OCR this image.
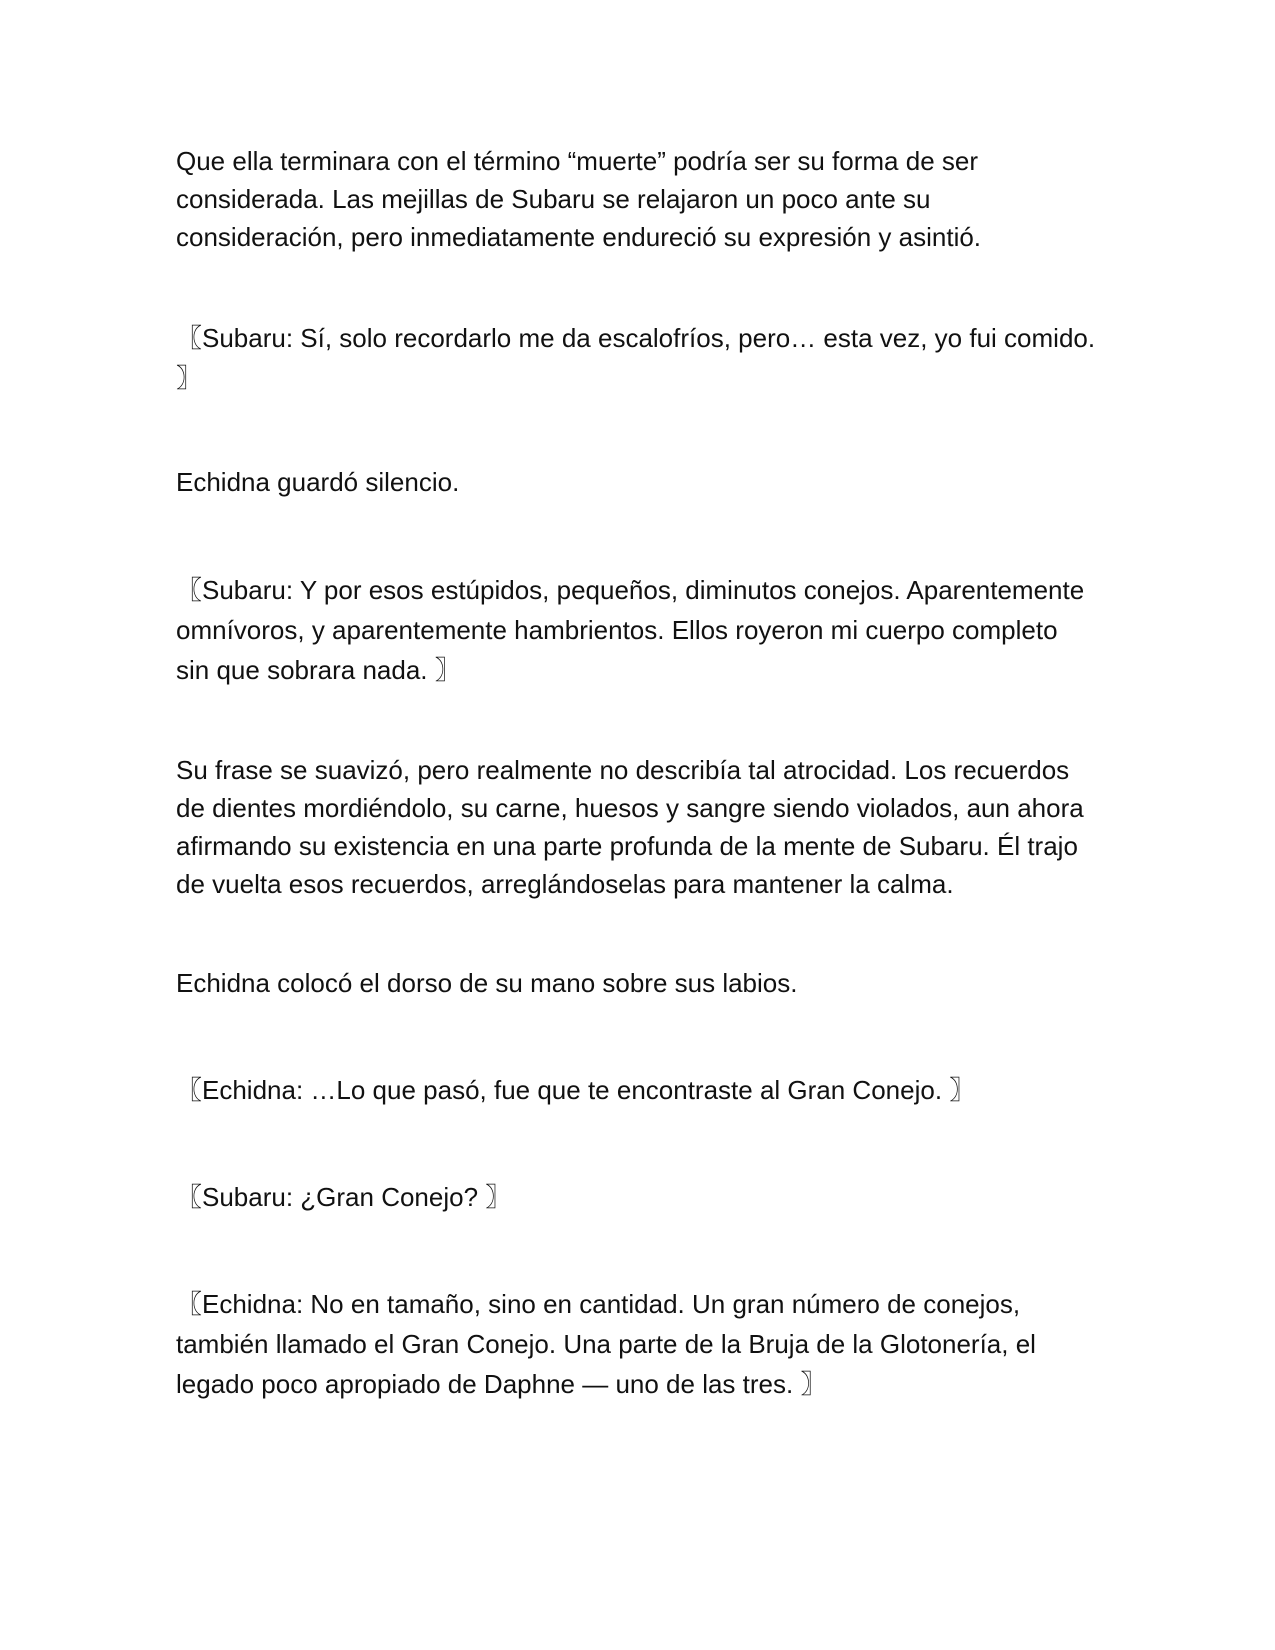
Que ella terminara con el término “muerte” podría ser su forma de ser considerada. Las mejillas de Subaru se relajaron un poco ante su consideración, pero inmediatamente endureció su expresión y asintió.

〖Subaru: Sí, solo recordarlo me da escalofríos, pero… esta vez, yo fui comido. 〗

Echidna guardó silencio.

〖Subaru: Y por esos estúpidos, pequeños, diminutos conejos. Aparentemente omnívoros, y aparentemente hambrientos. Ellos royeron mi cuerpo completo sin que sobrara nada. 〗

Su frase se suavizó, pero realmente no describía tal atrocidad. Los recuerdos de dientes mordiéndolo, su carne, huesos y sangre siendo violados, aun ahora afirmando su existencia en una parte profunda de la mente de Subaru. Él trajo de vuelta esos recuerdos, arreglándoselas para mantener la calma.

Echidna colocó el dorso de su mano sobre sus labios.

〖Echidna: …Lo que pasó, fue que te encontraste al Gran Conejo. 〗

〖Subaru: ¿Gran Conejo? 〗

〖Echidna: No en tamaño, sino en cantidad. Un gran número de conejos, también llamado el Gran Conejo. Una parte de la Bruja de la Glotonería, el legado poco apropiado de Daphne — uno de las tres. 〗
